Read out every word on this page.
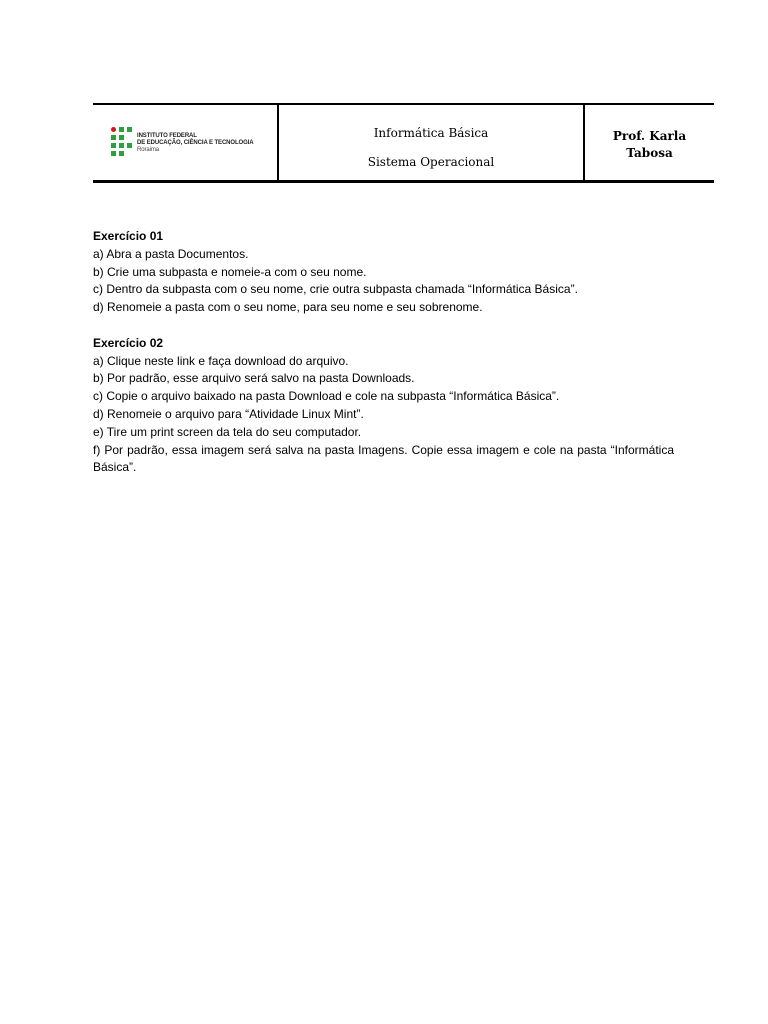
INSTITUTO FEDERAL
DE EDUCAÇÃO, CIÊNCIA E TECNOLOGIA
Roraima
Informática Básica
Sistema Operacional
Prof. Karla
Tabosa
Exercício 01

a) Abra a pasta Documentos.

b) Crie uma subpasta e nomeie-a com o seu nome.

c) Dentro da subpasta com o seu nome, crie outra subpasta chamada “Informática Básica”.

d) Renomeie a pasta com o seu nome, para seu nome e seu sobrenome.

Exercício 02

a) Clique neste link e faça download do arquivo.

b) Por padrão, esse arquivo será salvo na pasta Downloads.

c) Copie o arquivo baixado na pasta Download e cole na subpasta “Informática Básica”.

d) Renomeie o arquivo para “Atividade Linux Mint”.

e) Tire um print screen da tela do seu computador.

f) Por padrão, essa imagem será salva na pasta Imagens. Copie essa imagem e cole na pasta “Informática Básica”.
